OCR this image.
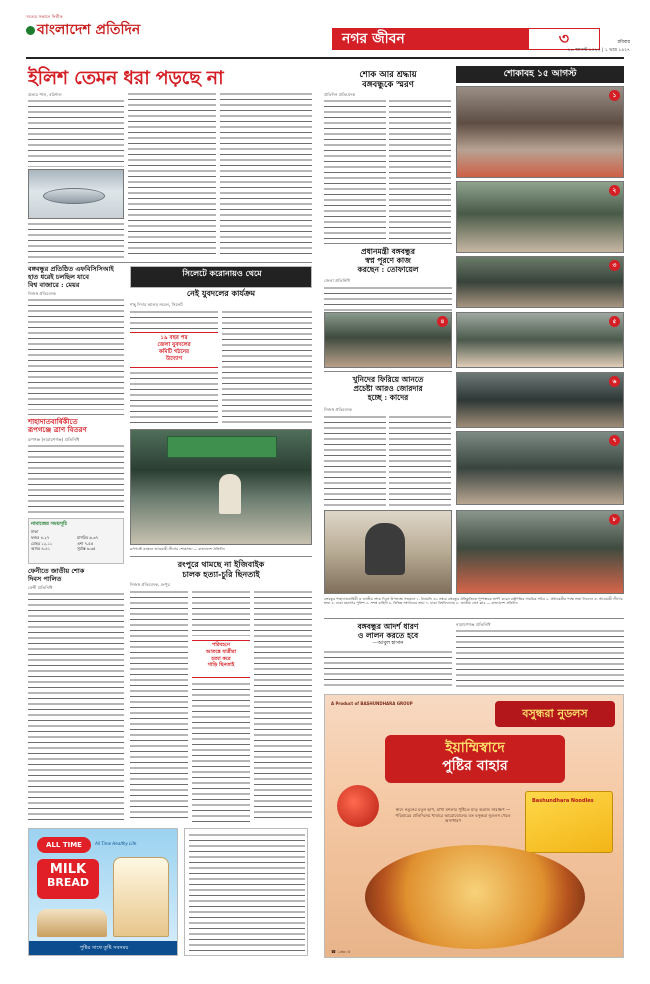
সত্যের সন্ধানে নির্ভীক
বাংলাদেশ প্রতিদিন
নগর জীবন	৩	রবিবার
১৬ আগস্ট ২০২০ | ১ ভাদ্র ১৪২৭
ইলিশ তেমন ধরা পড়ছে না
প্রত্যয় পাল, বরিশাল
বঙ্গবন্ধুর প্রতিষ্ঠিত এফবিসিসিআই
হাত ধরেই চলছিল যাবে
বিশ্ব বাজারে : মেয়র
নিজস্ব প্রতিবেদক
শাহাদাতবার্ষিকীতে
রূপগঞ্জে ত্রাণ বিতরণ
রূপগঞ্জ (নারায়ণগঞ্জ) প্রতিনিধি
নামাজের সময়সূচি
ঢাকা
ফজর ৪-২৭
যোহর ১২-১১
আসর ৪-৪১
মাগরিব ৬-৩৭
এশা ৭-৫৫
সূর্যাস্ত ৬-৩৫
ফেনীতে জাতীয় শোক
দিবস পালিত
ফেনী প্রতিনিধি
সিলেটে করোনায়ও থেমে
নেই যুবদলের কার্যক্রম
শাহ্ দিদার আলম নবেল, সিলেট
১৯ বছর পর
জেলা যুবদলের
কমিটি গঠনের
উদ্যোগ
রূপগঞ্জে কাঞ্চনে আওয়ামী লীগের শোকসভা — বাংলাদেশ প্রতিদিন
রংপুরে থামছে না ইজিবাইক
চালক হত্যা-চুরি ছিনতাই
নিজস্ব প্রতিবেদক, রংপুর
পরিবহনে
আতঙ্কে যাত্রীরা
হত্যা করে
গাড়ি ছিনতাই
শোক আর শ্রদ্ধায়
বঙ্গবন্ধুকে স্মরণ
শোকাবহ ১৫ আগস্ট
প্রতিদিন প্রতিবেদক	১
২
প্রধানমন্ত্রী বঙ্গবন্ধুর
স্বপ্ন পূরণে কাজ
করছেন : তোফায়েল
জেলা প্রতিনিধি
৩
৪	৫
খুনিদের ফিরিয়ে আনতে
প্রচেষ্টা আরও জোরদার
হচ্ছে : কাদের
নিজস্ব প্রতিবেদক
৬
৭
৮
বঙ্গবন্ধুর শাহাদাতবার্ষিকী ও জাতীয় শোক দিবস উপলক্ষে গতকাল ১. ধানমন্ডি ৩২ নম্বরে বঙ্গবন্ধুর প্রতিকৃতিতে পুষ্পস্তবক অর্পণ করেন রাষ্ট্রপতির সামরিক সচিব ২. প্রধানমন্ত্রীর পক্ষে শ্রদ্ধা নিবেদন ৩. আওয়ামী লীগের শ্রদ্ধা ৪. ঢাকা মহানগর পুলিশ ৫. সশস্ত্র বাহিনী ৬. বিভিন্ন সংগঠনের শ্রদ্ধা ৭. ঢাকা বিশ্ববিদ্যালয় ৮. জাতীয় প্রেস ক্লাব — বাংলাদেশ প্রতিদিন
বঙ্গবন্ধুর আদর্শ ধারণ
ও লালন করতে হবে
—আবুল হাসান
নারায়ণগঞ্জ প্রতিনিধি
A Product of BASHUNDHARA GROUP
বসুন্ধরা নুডলস
ইয়াম্মিস্বাদে
পুষ্টির বাহার
Bashundhara Noodles
স্বাদে নতুনের মতুন ছাপ, মাখা মশলার পুষ্টিতে মাতৃ অরাজ সারাক্ষণ — পরিবারের প্রতিদিনের খাবারে আরোঘোলের মত বসুন্ধরা নুডলস খেতে অসাধারণ
☎ ১৬৬০৫
ALL TIME	All Time Healthy Life
MILK
BREAD
পুষ্টির সাথে তুষ্টি সবসময়
